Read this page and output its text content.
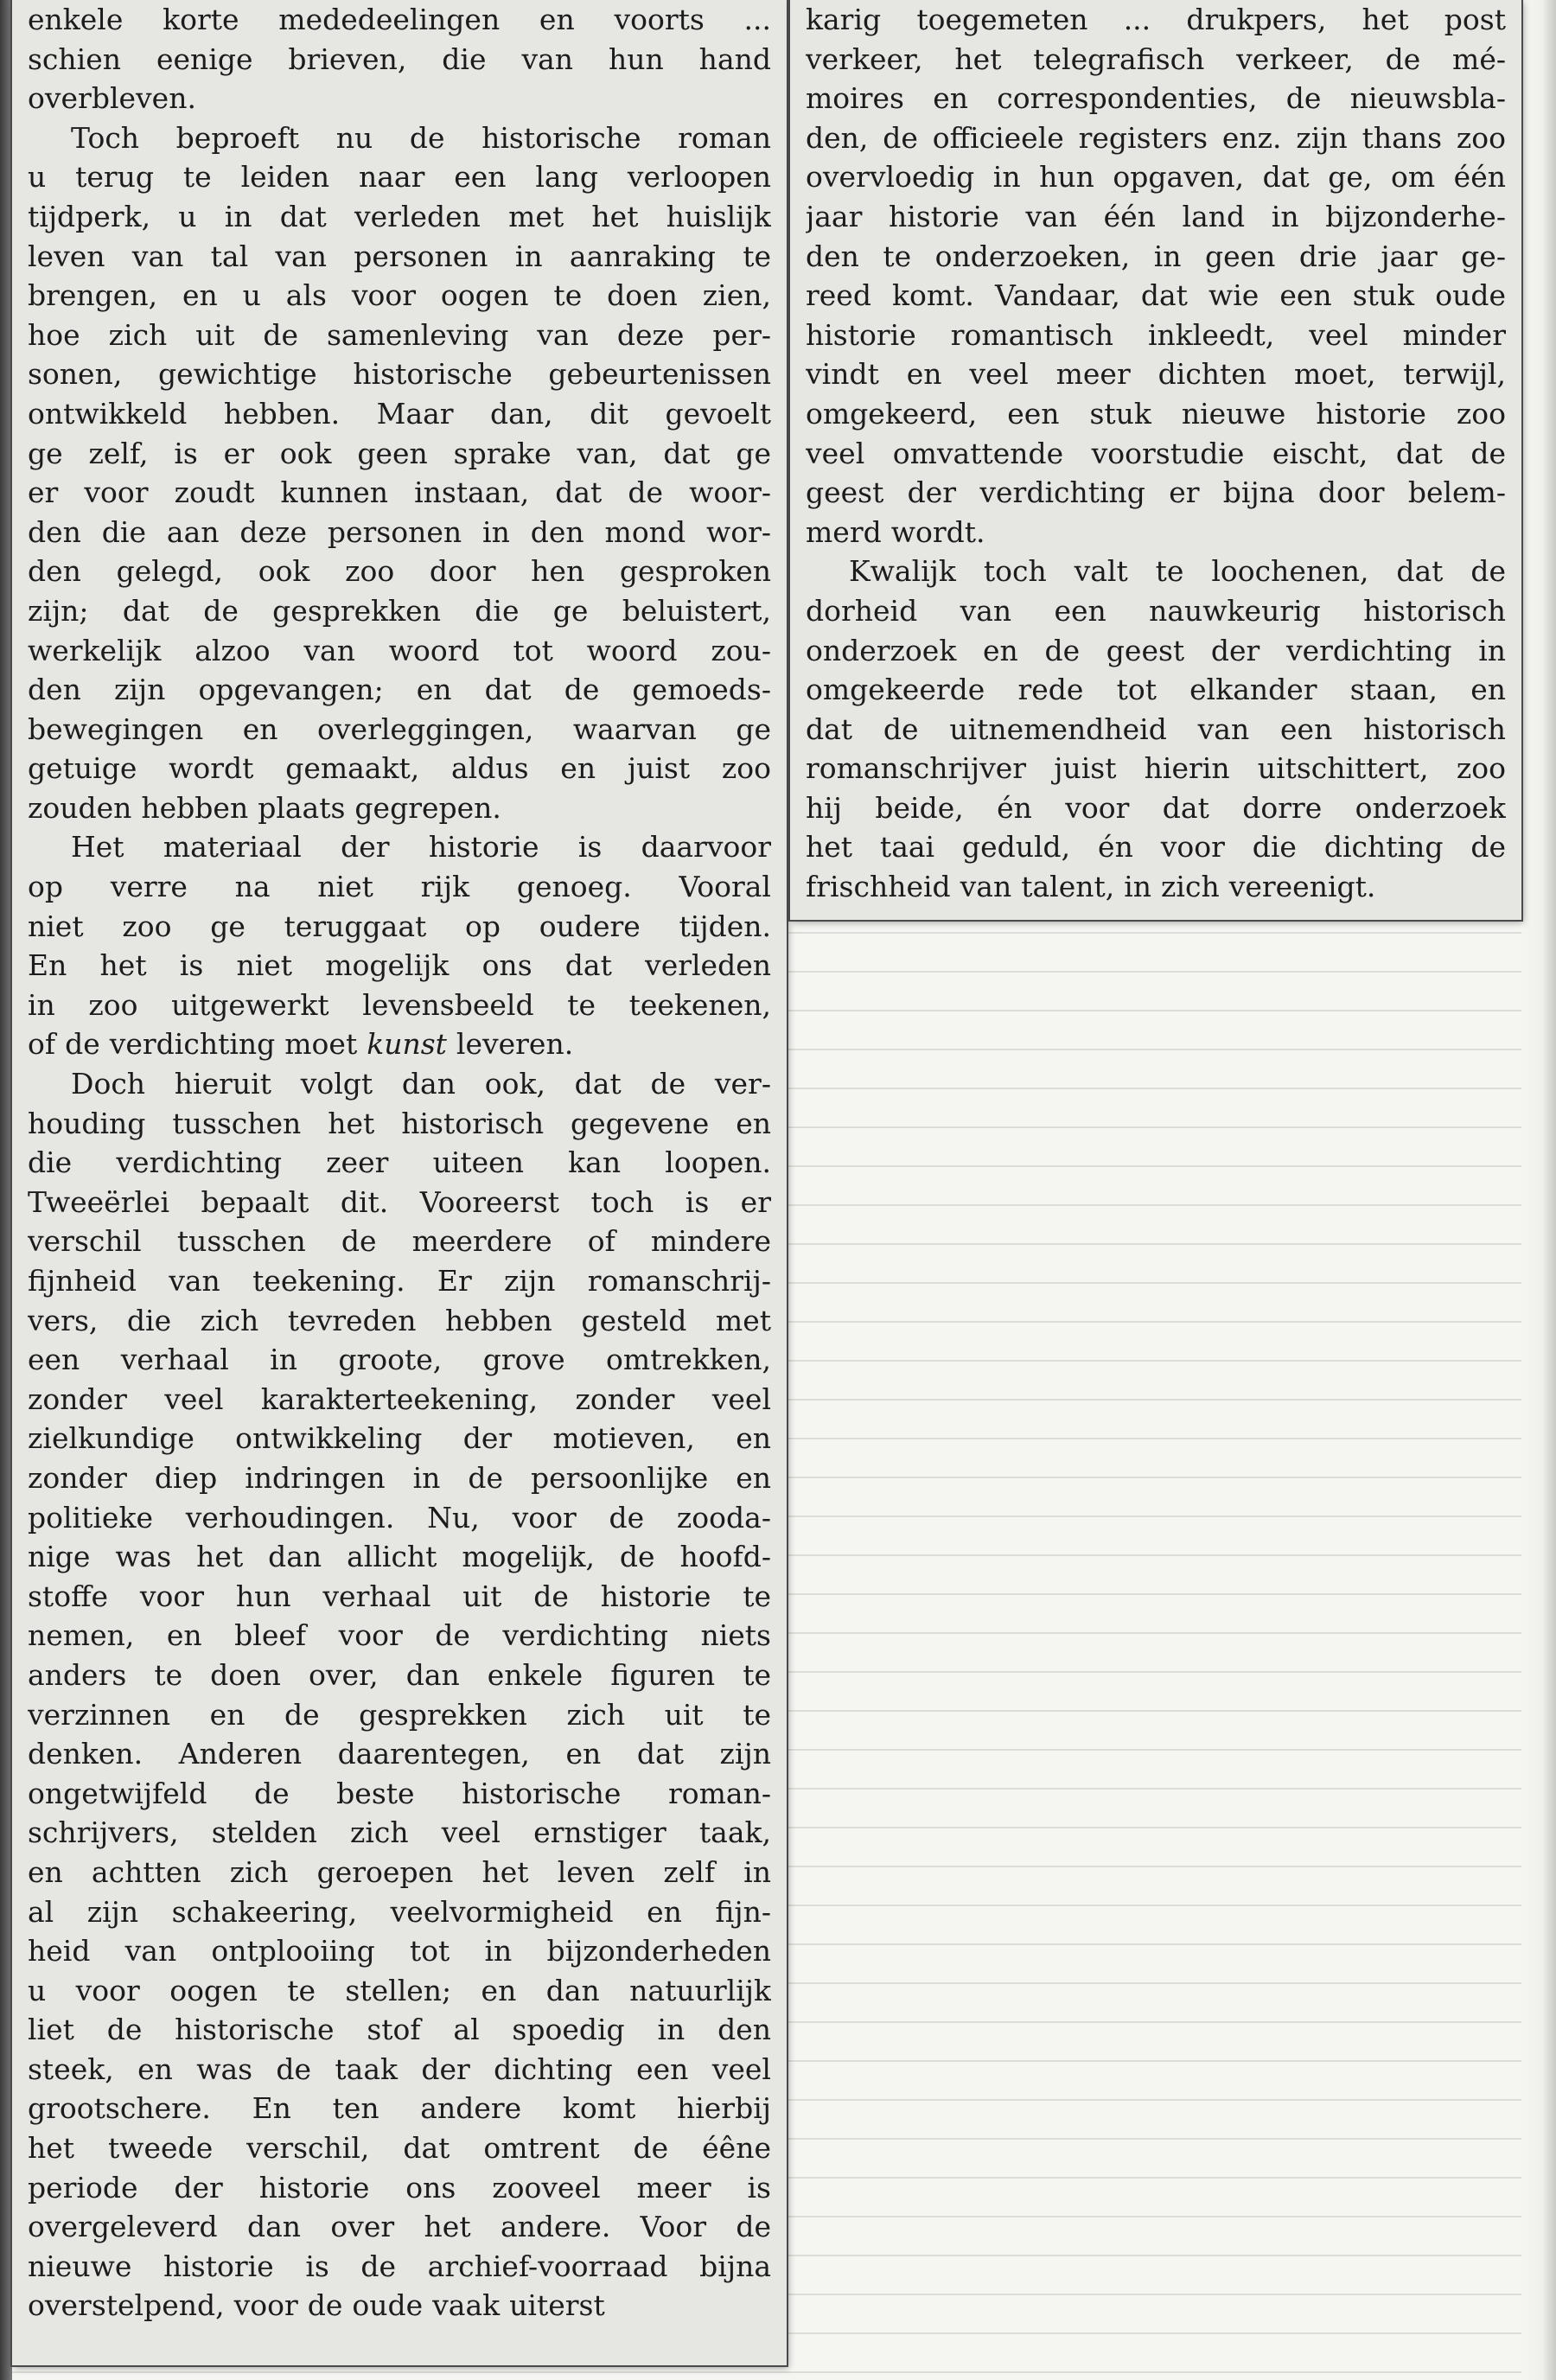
enkele korte mededeelingen en voorts ...
schien eenige brieven, die van hun hand
overbleven.
Toch beproeft nu de historische roman
u terug te leiden naar een lang verloopen
tijdperk, u in dat verleden met het huislijk
leven van tal van personen in aanraking te
brengen, en u als voor oogen te doen zien,
hoe zich uit de samenleving van deze per-
sonen, gewichtige historische gebeurtenissen
ontwikkeld hebben. Maar dan, dit gevoelt
ge zelf, is er ook geen sprake van, dat ge
er voor zoudt kunnen instaan, dat de woor-
den die aan deze personen in den mond wor-
den gelegd, ook zoo door hen gesproken
zijn; dat de gesprekken die ge beluistert,
werkelijk alzoo van woord tot woord zou-
den zijn opgevangen; en dat de gemoeds-
bewegingen en overleggingen, waarvan ge
getuige wordt gemaakt, aldus en juist zoo
zouden hebben plaats gegrepen.
Het materiaal der historie is daarvoor
op verre na niet rijk genoeg. Vooral
niet zoo ge teruggaat op oudere tijden.
En het is niet mogelijk ons dat verleden
in zoo uitgewerkt levensbeeld te teekenen,
of de verdichting moet kunst leveren.
Doch hieruit volgt dan ook, dat de ver-
houding tusschen het historisch gegevene en
die verdichting zeer uiteen kan loopen.
Tweeërlei bepaalt dit. Vooreerst toch is er
verschil tusschen de meerdere of mindere
fijnheid van teekening. Er zijn romanschrij-
vers, die zich tevreden hebben gesteld met
een verhaal in groote, grove omtrekken,
zonder veel karakterteekening, zonder veel
zielkundige ontwikkeling der motieven, en
zonder diep indringen in de persoonlijke en
politieke verhoudingen. Nu, voor de zooda-
nige was het dan allicht mogelijk, de hoofd-
stoffe voor hun verhaal uit de historie te
nemen, en bleef voor de verdichting niets
anders te doen over, dan enkele figuren te
verzinnen en de gesprekken zich uit te
denken. Anderen daarentegen, en dat zijn
ongetwijfeld de beste historische roman-
schrijvers, stelden zich veel ernstiger taak,
en achtten zich geroepen het leven zelf in
al zijn schakeering, veelvormigheid en fijn-
heid van ontplooiing tot in bijzonderheden
u voor oogen te stellen; en dan natuurlijk
liet de historische stof al spoedig in den
steek, en was de taak der dichting een veel
grootschere. En ten andere komt hierbij
het tweede verschil, dat omtrent de éêne
periode der historie ons zooveel meer is
overgeleverd dan over het andere. Voor de
nieuwe historie is de archief-voorraad bijna
overstelpend, voor de oude vaak uiterst
karig toegemeten ... drukpers, het post
verkeer, het telegrafisch verkeer, de mé-
moires en correspondenties, de nieuwsbla-
den, de officieele registers enz. zijn thans zoo
overvloedig in hun opgaven, dat ge, om één
jaar historie van één land in bijzonderhe-
den te onderzoeken, in geen drie jaar ge-
reed komt. Vandaar, dat wie een stuk oude
historie romantisch inkleedt, veel minder
vindt en veel meer dichten moet, terwijl,
omgekeerd, een stuk nieuwe historie zoo
veel omvattende voorstudie eischt, dat de
geest der verdichting er bijna door belem-
merd wordt.
Kwalijk toch valt te loochenen, dat de
dorheid van een nauwkeurig historisch
onderzoek en de geest der verdichting in
omgekeerde rede tot elkander staan, en
dat de uitnemendheid van een historisch
romanschrijver juist hierin uitschittert, zoo
hij beide, én voor dat dorre onderzoek
het taai geduld, én voor die dichting de
frischheid van talent, in zich vereenigt.
